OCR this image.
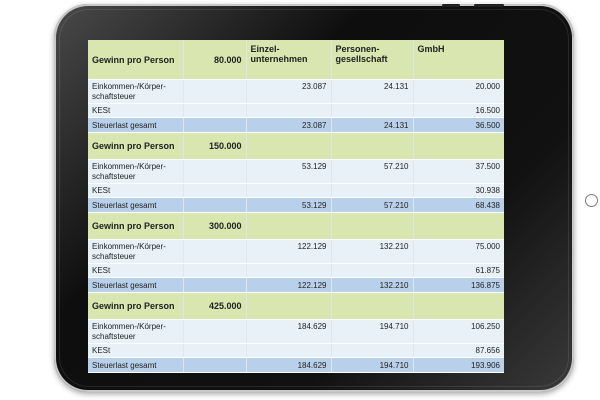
Gewinn pro Person	80.000	Einzel-
unternehmen	Personen-
gesellschaft	GmbH
Einkommen-/Körper-
schaftsteuer		23.087	24.131	20.000
KESt				16.500
Steuerlast gesamt		23.087	24.131	36.500
Gewinn pro Person	150.000			
Einkommen-/Körper-
schaftsteuer		53.129	57.210	37.500
KESt				30.938
Steuerlast gesamt		53.129	57.210	68.438
Gewinn pro Person	300.000			
Einkommen-/Körper-
schaftsteuer		122.129	132.210	75.000
KESt				61.875
Steuerlast gesamt		122.129	132.210	136.875
Gewinn pro Person	425.000			
Einkommen-/Körper-
schaftsteuer		184.629	194.710	106.250
KESt				87.656
Steuerlast gesamt		184.629	194.710	193.906
